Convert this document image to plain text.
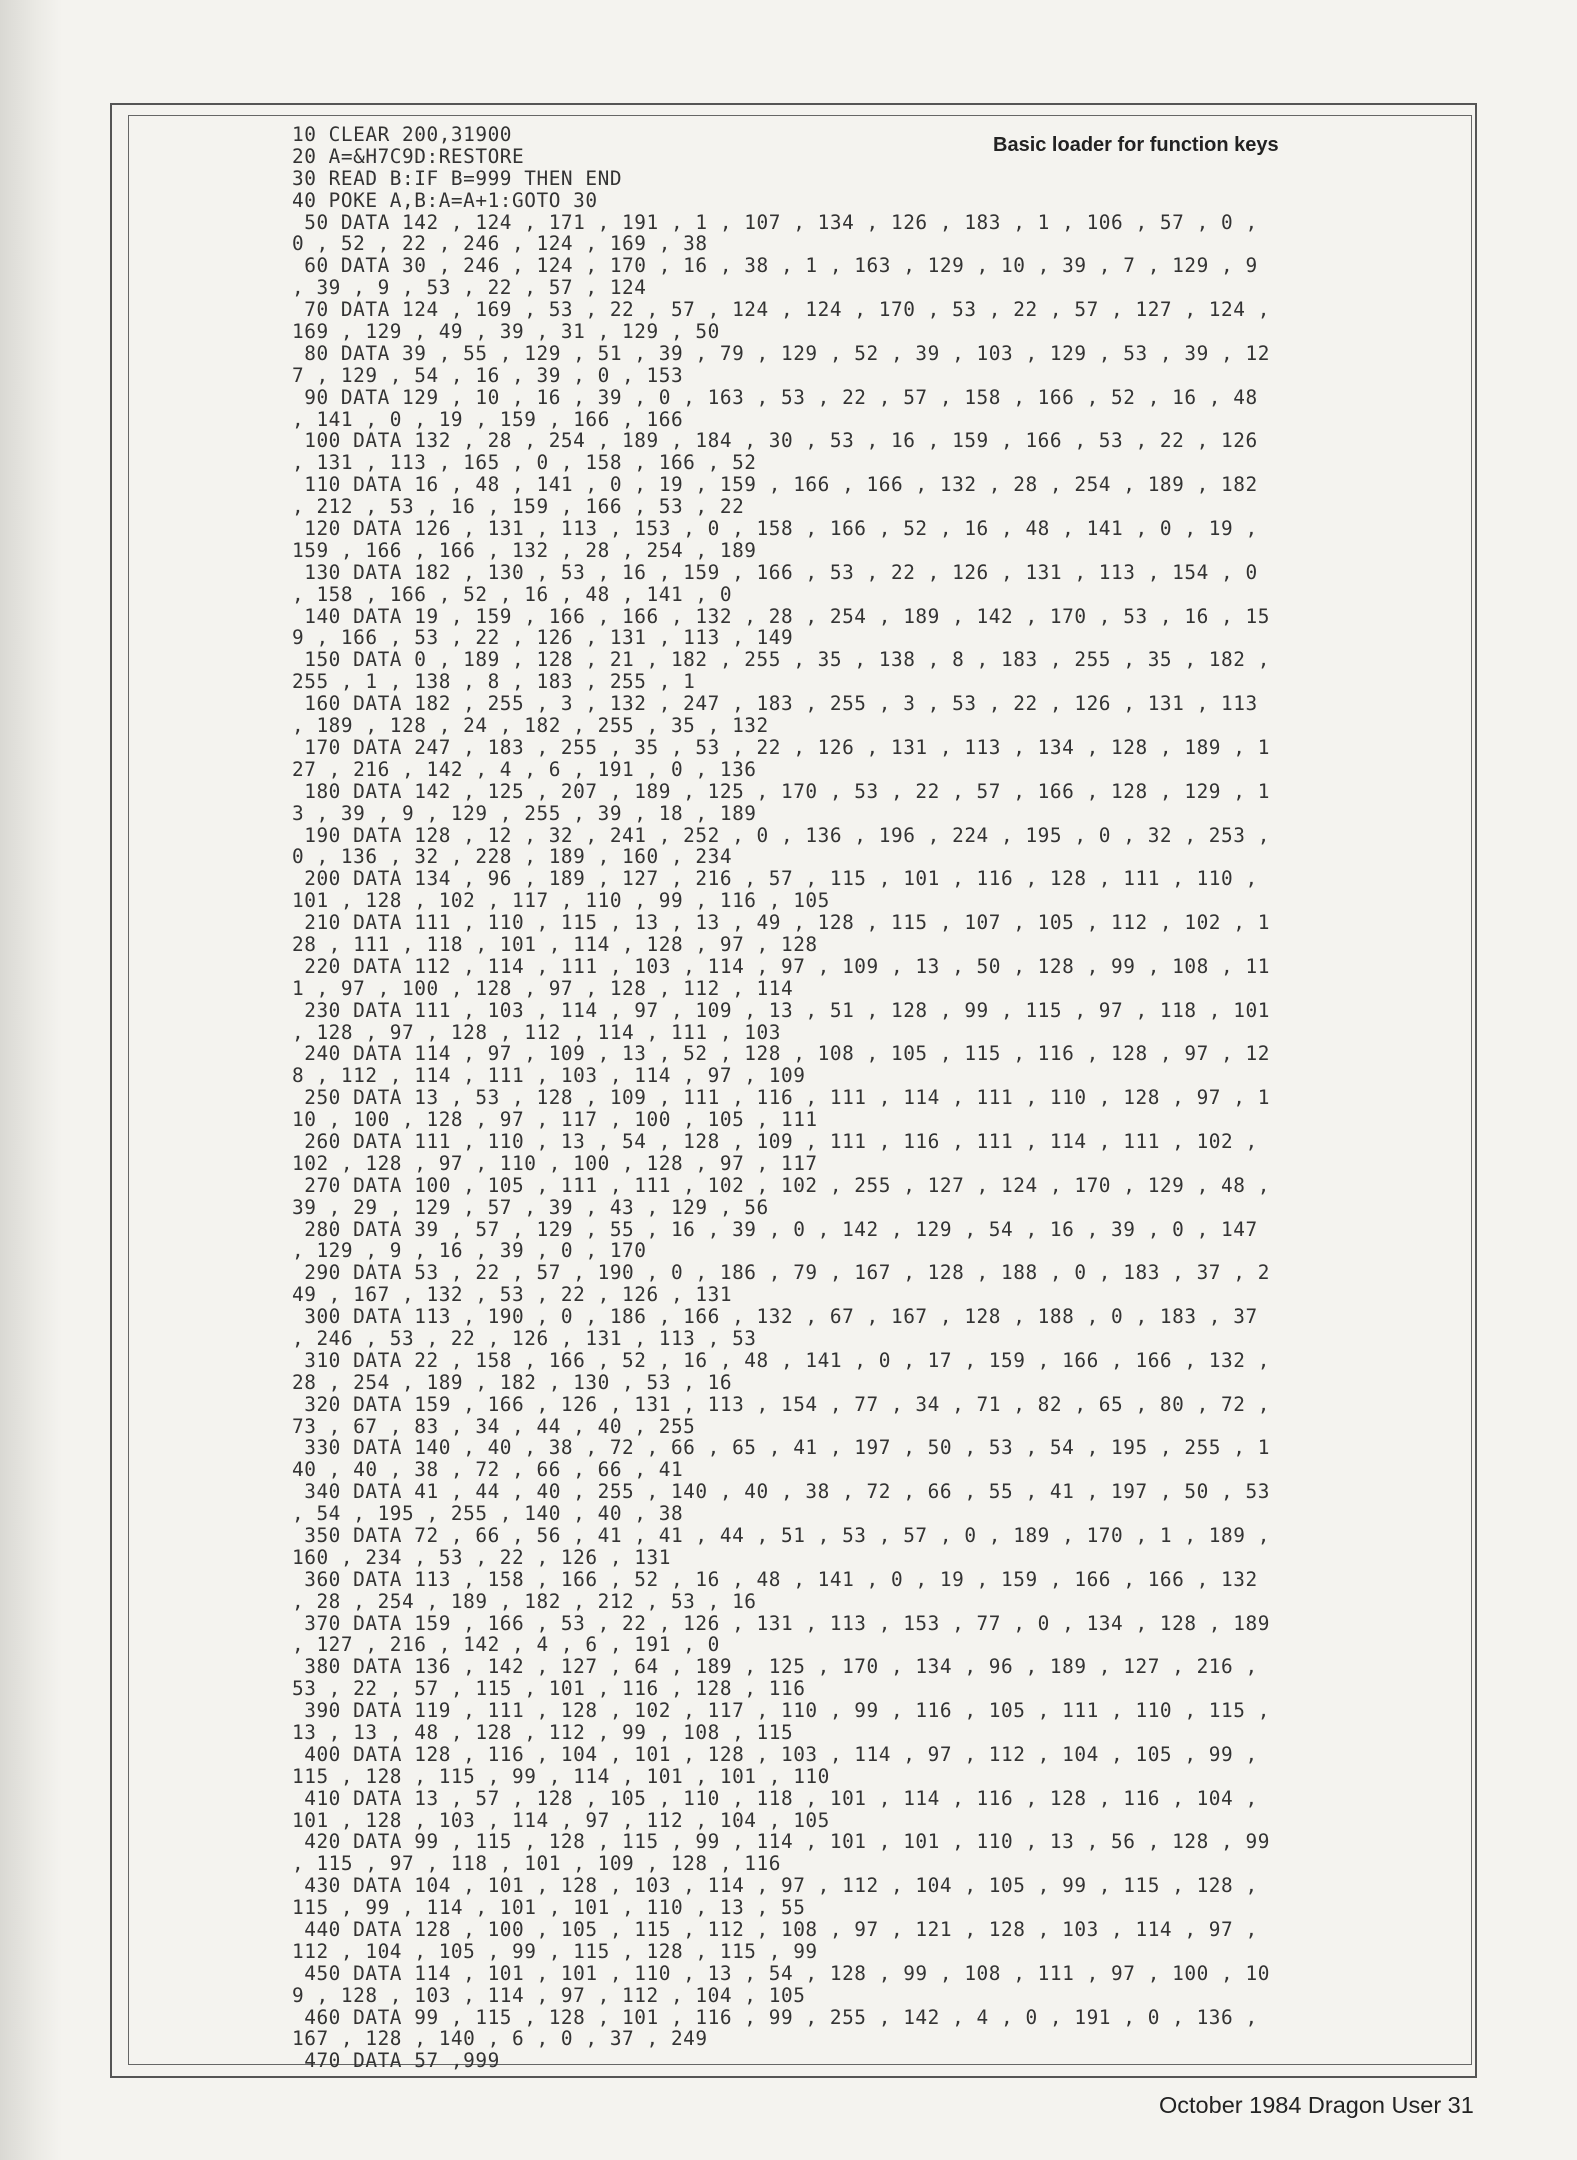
Basic loader for function keys
10 CLEAR 200,31900
20 A=&H7C9D:RESTORE
30 READ B:IF B=999 THEN END
40 POKE A,B:A=A+1:GOTO 30
50 DATA 142 , 124 , 171 , 191 , 1 , 107 , 134 , 126 , 183 , 1 , 106 , 57 , 0 ,
0 , 52 , 22 , 246 , 124 , 169 , 38
60 DATA 30 , 246 , 124 , 170 , 16 , 38 , 1 , 163 , 129 , 10 , 39 , 7 , 129 , 9
, 39 , 9 , 53 , 22 , 57 , 124
70 DATA 124 , 169 , 53 , 22 , 57 , 124 , 124 , 170 , 53 , 22 , 57 , 127 , 124 ,
169 , 129 , 49 , 39 , 31 , 129 , 50
80 DATA 39 , 55 , 129 , 51 , 39 , 79 , 129 , 52 , 39 , 103 , 129 , 53 , 39 , 12
7 , 129 , 54 , 16 , 39 , 0 , 153
90 DATA 129 , 10 , 16 , 39 , 0 , 163 , 53 , 22 , 57 , 158 , 166 , 52 , 16 , 48
, 141 , 0 , 19 , 159 , 166 , 166
100 DATA 132 , 28 , 254 , 189 , 184 , 30 , 53 , 16 , 159 , 166 , 53 , 22 , 126
, 131 , 113 , 165 , 0 , 158 , 166 , 52
110 DATA 16 , 48 , 141 , 0 , 19 , 159 , 166 , 166 , 132 , 28 , 254 , 189 , 182
, 212 , 53 , 16 , 159 , 166 , 53 , 22
120 DATA 126 , 131 , 113 , 153 , 0 , 158 , 166 , 52 , 16 , 48 , 141 , 0 , 19 ,
159 , 166 , 166 , 132 , 28 , 254 , 189
130 DATA 182 , 130 , 53 , 16 , 159 , 166 , 53 , 22 , 126 , 131 , 113 , 154 , 0
, 158 , 166 , 52 , 16 , 48 , 141 , 0
140 DATA 19 , 159 , 166 , 166 , 132 , 28 , 254 , 189 , 142 , 170 , 53 , 16 , 15
9 , 166 , 53 , 22 , 126 , 131 , 113 , 149
150 DATA 0 , 189 , 128 , 21 , 182 , 255 , 35 , 138 , 8 , 183 , 255 , 35 , 182 ,
255 , 1 , 138 , 8 , 183 , 255 , 1
160 DATA 182 , 255 , 3 , 132 , 247 , 183 , 255 , 3 , 53 , 22 , 126 , 131 , 113
, 189 , 128 , 24 , 182 , 255 , 35 , 132
170 DATA 247 , 183 , 255 , 35 , 53 , 22 , 126 , 131 , 113 , 134 , 128 , 189 , 1
27 , 216 , 142 , 4 , 6 , 191 , 0 , 136
180 DATA 142 , 125 , 207 , 189 , 125 , 170 , 53 , 22 , 57 , 166 , 128 , 129 , 1
3 , 39 , 9 , 129 , 255 , 39 , 18 , 189
190 DATA 128 , 12 , 32 , 241 , 252 , 0 , 136 , 196 , 224 , 195 , 0 , 32 , 253 ,
0 , 136 , 32 , 228 , 189 , 160 , 234
200 DATA 134 , 96 , 189 , 127 , 216 , 57 , 115 , 101 , 116 , 128 , 111 , 110 ,
101 , 128 , 102 , 117 , 110 , 99 , 116 , 105
210 DATA 111 , 110 , 115 , 13 , 13 , 49 , 128 , 115 , 107 , 105 , 112 , 102 , 1
28 , 111 , 118 , 101 , 114 , 128 , 97 , 128
220 DATA 112 , 114 , 111 , 103 , 114 , 97 , 109 , 13 , 50 , 128 , 99 , 108 , 11
1 , 97 , 100 , 128 , 97 , 128 , 112 , 114
230 DATA 111 , 103 , 114 , 97 , 109 , 13 , 51 , 128 , 99 , 115 , 97 , 118 , 101
, 128 , 97 , 128 , 112 , 114 , 111 , 103
240 DATA 114 , 97 , 109 , 13 , 52 , 128 , 108 , 105 , 115 , 116 , 128 , 97 , 12
8 , 112 , 114 , 111 , 103 , 114 , 97 , 109
250 DATA 13 , 53 , 128 , 109 , 111 , 116 , 111 , 114 , 111 , 110 , 128 , 97 , 1
10 , 100 , 128 , 97 , 117 , 100 , 105 , 111
260 DATA 111 , 110 , 13 , 54 , 128 , 109 , 111 , 116 , 111 , 114 , 111 , 102 ,
102 , 128 , 97 , 110 , 100 , 128 , 97 , 117
270 DATA 100 , 105 , 111 , 111 , 102 , 102 , 255 , 127 , 124 , 170 , 129 , 48 ,
39 , 29 , 129 , 57 , 39 , 43 , 129 , 56
280 DATA 39 , 57 , 129 , 55 , 16 , 39 , 0 , 142 , 129 , 54 , 16 , 39 , 0 , 147
, 129 , 9 , 16 , 39 , 0 , 170
290 DATA 53 , 22 , 57 , 190 , 0 , 186 , 79 , 167 , 128 , 188 , 0 , 183 , 37 , 2
49 , 167 , 132 , 53 , 22 , 126 , 131
300 DATA 113 , 190 , 0 , 186 , 166 , 132 , 67 , 167 , 128 , 188 , 0 , 183 , 37
, 246 , 53 , 22 , 126 , 131 , 113 , 53
310 DATA 22 , 158 , 166 , 52 , 16 , 48 , 141 , 0 , 17 , 159 , 166 , 166 , 132 ,
28 , 254 , 189 , 182 , 130 , 53 , 16
320 DATA 159 , 166 , 126 , 131 , 113 , 154 , 77 , 34 , 71 , 82 , 65 , 80 , 72 ,
73 , 67 , 83 , 34 , 44 , 40 , 255
330 DATA 140 , 40 , 38 , 72 , 66 , 65 , 41 , 197 , 50 , 53 , 54 , 195 , 255 , 1
40 , 40 , 38 , 72 , 66 , 66 , 41
340 DATA 41 , 44 , 40 , 255 , 140 , 40 , 38 , 72 , 66 , 55 , 41 , 197 , 50 , 53
, 54 , 195 , 255 , 140 , 40 , 38
350 DATA 72 , 66 , 56 , 41 , 41 , 44 , 51 , 53 , 57 , 0 , 189 , 170 , 1 , 189 ,
160 , 234 , 53 , 22 , 126 , 131
360 DATA 113 , 158 , 166 , 52 , 16 , 48 , 141 , 0 , 19 , 159 , 166 , 166 , 132
, 28 , 254 , 189 , 182 , 212 , 53 , 16
370 DATA 159 , 166 , 53 , 22 , 126 , 131 , 113 , 153 , 77 , 0 , 134 , 128 , 189
, 127 , 216 , 142 , 4 , 6 , 191 , 0
380 DATA 136 , 142 , 127 , 64 , 189 , 125 , 170 , 134 , 96 , 189 , 127 , 216 ,
53 , 22 , 57 , 115 , 101 , 116 , 128 , 116
390 DATA 119 , 111 , 128 , 102 , 117 , 110 , 99 , 116 , 105 , 111 , 110 , 115 ,
13 , 13 , 48 , 128 , 112 , 99 , 108 , 115
400 DATA 128 , 116 , 104 , 101 , 128 , 103 , 114 , 97 , 112 , 104 , 105 , 99 ,
115 , 128 , 115 , 99 , 114 , 101 , 101 , 110
410 DATA 13 , 57 , 128 , 105 , 110 , 118 , 101 , 114 , 116 , 128 , 116 , 104 ,
101 , 128 , 103 , 114 , 97 , 112 , 104 , 105
420 DATA 99 , 115 , 128 , 115 , 99 , 114 , 101 , 101 , 110 , 13 , 56 , 128 , 99
, 115 , 97 , 118 , 101 , 109 , 128 , 116
430 DATA 104 , 101 , 128 , 103 , 114 , 97 , 112 , 104 , 105 , 99 , 115 , 128 ,
115 , 99 , 114 , 101 , 101 , 110 , 13 , 55
440 DATA 128 , 100 , 105 , 115 , 112 , 108 , 97 , 121 , 128 , 103 , 114 , 97 ,
112 , 104 , 105 , 99 , 115 , 128 , 115 , 99
450 DATA 114 , 101 , 101 , 110 , 13 , 54 , 128 , 99 , 108 , 111 , 97 , 100 , 10
9 , 128 , 103 , 114 , 97 , 112 , 104 , 105
460 DATA 99 , 115 , 128 , 101 , 116 , 99 , 255 , 142 , 4 , 0 , 191 , 0 , 136 ,
167 , 128 , 140 , 6 , 0 , 37 , 249
470 DATA 57 ,999
October 1984 Dragon User 31
